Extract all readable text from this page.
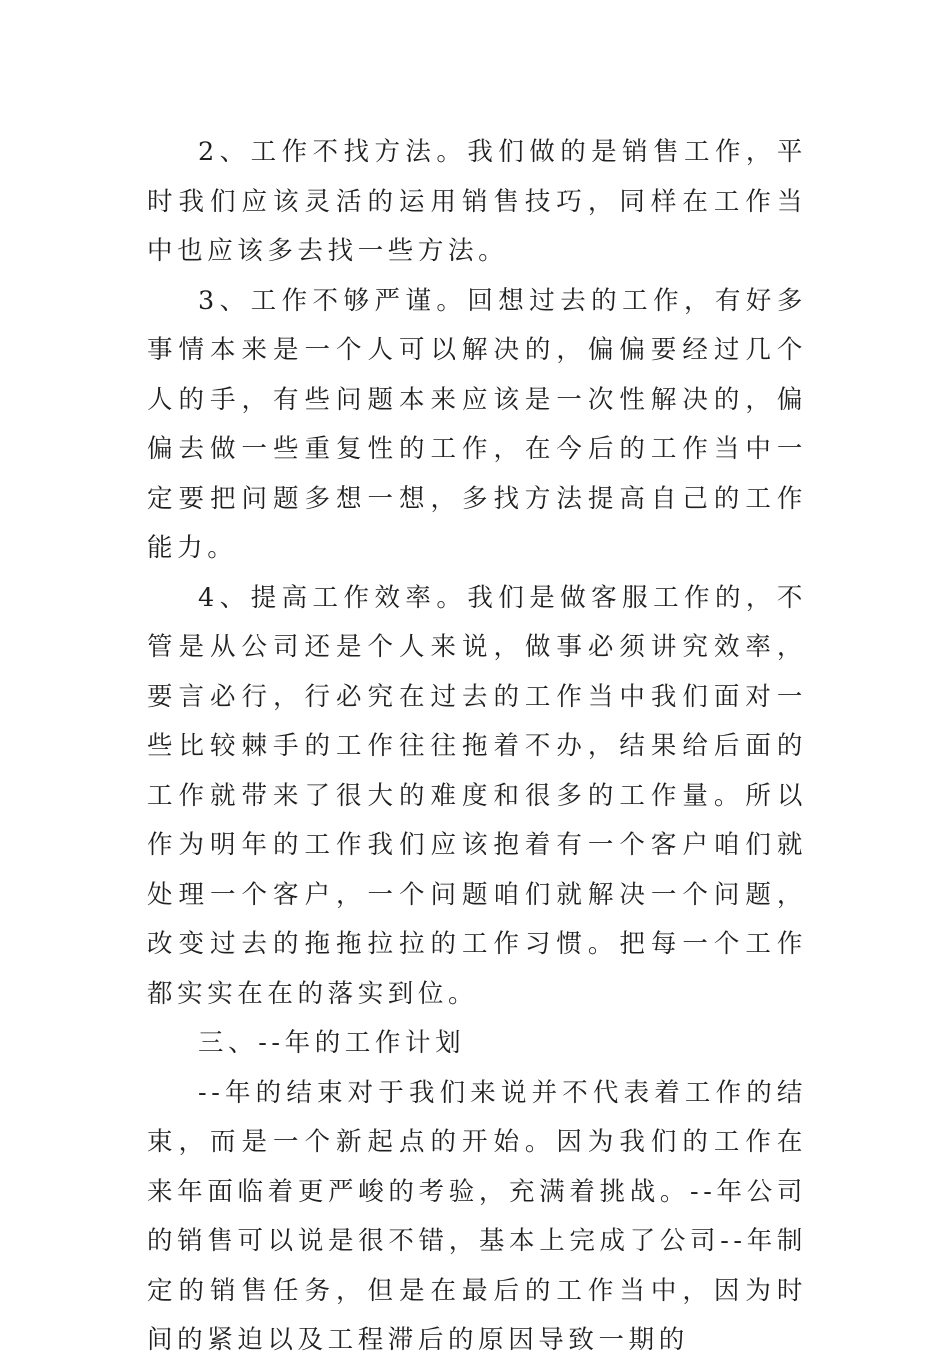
2、工作不找方法。我们做的是销售工作，平时我们应该灵活的运用销售技巧，同样在工作当中也应该多去找一些方法。

3、工作不够严谨。回想过去的工作，有好多事情本来是一个人可以解决的，偏偏要经过几个人的手，有些问题本来应该是一次性解决的，偏偏去做一些重复性的工作，在今后的工作当中一定要把问题多想一想，多找方法提高自己的工作能力。

4、提高工作效率。我们是做客服工作的，不管是从公司还是个人来说，做事必须讲究效率，要言必行，行必究在过去的工作当中我们面对一些比较棘手的工作往往拖着不办，结果给后面的工作就带来了很大的难度和很多的工作量。所以作为明年的工作我们应该抱着有一个客户咱们就处理一个客户，一个问题咱们就解决一个问题，改变过去的拖拖拉拉的工作习惯。把每一个工作都实实在在的落实到位。

三、--年的工作计划

--年的结束对于我们来说并不代表着工作的结束，而是一个新起点的开始。因为我们的工作在来年面临着更严峻的考验，充满着挑战。--年公司的销售可以说是很不错，基本上完成了公司--年制定的销售任务，但是在最后的工作当中，因为时间的紧迫以及工程滞后的原因导致一期的
